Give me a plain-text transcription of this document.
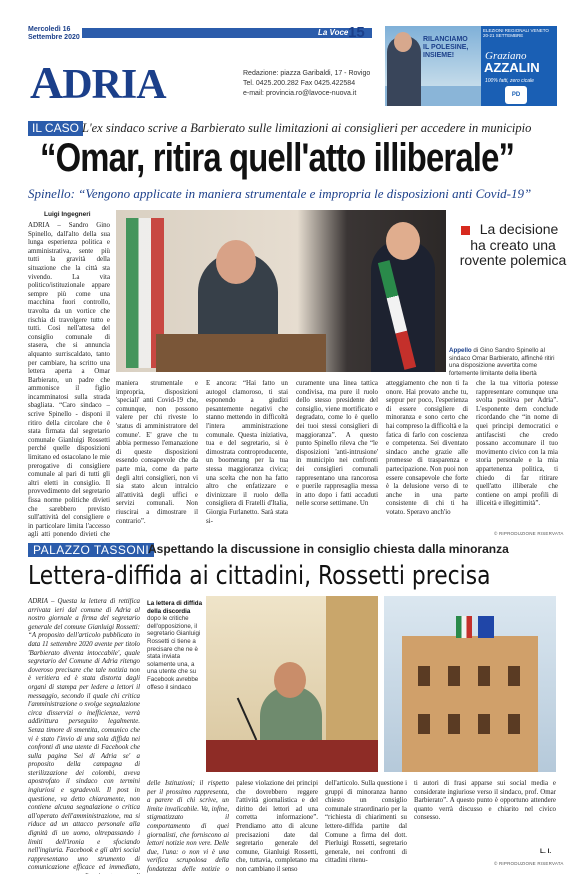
Mercoledì 16
Settembre 2020
La Voce 15
ADRIA	Redazione: piazza Garibaldi, 17 - Rovigo
Tel. 0425.200.282 Fax 0425.422584
e-mail: provincia.ro@lavoce-nuova.it
RILANCIAMO
IL POLESINE,
INSIEME!
ELEZIONI REGIONALI VENETO
20-21 SETTEMBRE
Graziano
AZZALIN
100% fatti, zero cicale
PD
IL CASO L'ex sindaco scrive a Barbierato sulle limitazioni ai consiglieri per accedere in municipio
“Omar, ritira quell'atto illiberale”
Spinello: “Vengono applicate in maniera strumentale e impropria le disposizioni anti Covid-19”
Luigi Ingegneri
ADRIA – Sandro Gino Spinello, dall'alto della sua lunga esperienza politica e amministrativa, sente più tutti la gravità della situazione che la città sta vivendo. La vita politico/istituzionale appare sempre più come una macchina fuori controllo, travolta da un vortice che rischia di travolgere tutto e tutti. Così nell'attesa del consiglio comunale di stasera, che si annuncia alquanto surriscaldato, tanto per cambiare, ha scritto una lettera aperta a Omar Barbierato, un padre che ammonisce il figlio incamminatosi sulla strada sbagliata. “Caro sindaco – scrive Spinello - disponi il ritiro della circolare che è stata firmata dal segretario comunale Gianluigi Rossetti perché quelle disposizioni limitano ed ostacolano le mie prerogative di consigliere comunale al pari di tutti gli altri eletti in consiglio. Il provvedimento del segretario fissa norme politiche divieti che sarebbero previsto sull'attività del consigliere e in particolare limita l'accesso agli atti ponendo divieti che
La decisione ha creato una rovente polemica
Appello di Gino Sandro Spinello al sindaco Omar Barbierato, affinché ritiri una disposizione avvertita come fortemente limitante della libertà
maniera strumentale e impropria, disposizioni 'speciali' anti Covid-19 che, comunque, non possono valere per chi riveste lo 'status di amministratore del comune'. E' grave che tu abbia permesso l'emanazione di queste disposizioni essendo consapevole che da parte mia, come da parte degli altri consiglieri, non vi sia stato alcun intralcio all'attività degli uffici e servizi comunali. Non riuscirai a dimostrare il contrario”.
E ancora: “Hai fatto un autogol clamoroso, ti stai esponendo a giudizi pesantemente negativi che stanno mettendo in difficoltà l'intera amministrazione comunale. Questa iniziativa, tua e del segretario, si è dimostrata controproducente, un boomerang per la tua stessa maggioranza civica; una scelta che non ha fatto altro che enfatizzare e divinizzare il ruolo della consigliera di Fratelli d'Italia, Giorgia Furlanetto. Sarà stata si-
curamente una linea tattica condivisa, ma pure il ruolo dello stesso presidente del consiglio, viene mortificato e degradato, come lo è quello dei tuoi stessi consiglieri di maggioranza”. A questo punto Spinello rileva che “le disposizioni 'anti-intrusione' in municipio nei confronti dei consiglieri comunali rappresentano una rancorosa e puerile rappresaglia messa in atto dopo i fatti accaduti nelle scorse settimane. Un
atteggiamento che non ti fa onore. Hai provato anche tu, seppur per poco, l'esperienza di essere consigliere di minoranza e sono certo che hai compreso la difficoltà e la fatica di farlo con coscienza e competenza. Sei diventato sindaco anche grazie alle promesse di trasparenza e partecipazione. Non puoi non essere consapevole che forte è la delusione verso di te anche in una parte consistente di chi ti ha votato. Speravo anch'io
che la tua vittoria potesse rappresentare comunque una svolta positiva per Adria”. L'esponente dem conclude ricordando che “in nome di quei principi democratici e antifascisti che credo possano accomunare il tuo movimento civico con la mia storia personale e la mia appartenenza politica, ti chiedo di far ritirare quell'atto illiberale che contiene on ampi profili di illiceità e illegittimità”.
© RIPRODUZIONE RISERVATA
PALAZZO TASSONI
Aspettando la discussione in consiglio chiesta dalla minoranza
Lettera-diffida ai cittadini, Rossetti precisa
ADRIA – Questa la lettera di rettifica arrivata ieri dal comune di Adria al nostro giornale a firma del segretario generale del comune Gianluigi Rossetti: “A proposito dell'articolo pubblicato in data 11 settembre 2020 avente per titolo 'Barbierato diventa intoccabile', quale segretario del Comune di Adria ritengo doveroso precisare che tale notizia non è veritiera ed è stata distorta dagli organi di stampa per ledere a lettori il messaggio, secondo il quale chi critica l'amministrazione o svolge segnalazione circa disservizi o inefficienze, verrà addirittura perseguito legalmente. Senza timore di smentita, comunico che vi è stato l'invio di una sola diffida nei confronti di una utente di Facebook che sulla pagina 'Sei di Adria se' a proposito della campagna di sterilizzazione dei colombi, aveva apostrofato il sindaco con termini ingiuriosi e sgradevoli. Il post in questione, va detto chiaramente, non contiene alcuna segnalazione o critica all'operato dell'amministrazione, ma si riduce ad un attacco personale alla dignità di un uomo, oltrepassando i limiti dell'ironia e sfociando nell'ingiuria. Facebook e gli altri social rappresentano uno strumento di comunicazione efficace ed immediato,
La lettera di diffida della discordia dopo le critiche dell'opposizione, il segretario Gianluigi Rossetti ci tiene a precisare che ne è stata inviata solamente una, a una utente che su Facebook avrebbe offeso il sindaco
delle Istituzioni; il rispetto per il prossimo rappresenta, a parere di chi scrive, un limite invalicabile. Va, infine, stigmatizzato il comportamento di quei giornalisti, che forniscono ai lettori notizie non vere. Delle due, l'una: o non vi è una verifica scrupolosa della fondatezza delle notizie o
palese violazione dei principi che dovrebbero reggere l'attività giornalistica e del diritto dei lettori ad una corretta informazione”. Prendiamo atto di alcune precisazioni date dal segretario generale del comune, Gianluigi Rossetti, che, tuttavia, completano ma non cambiano il senso
dell'articolo. Sulla questione i gruppi di minoranza hanno chiesto un consiglio comunale straordinario per la “richiesta di chiarimenti su lettere-diffida partite dal Comune a firma del dott. Pierluigi Rossetti, segretario generale, nei confronti di cittadini ritenu-
ti autori di frasi apparse sui social media e considerate ingiuriose verso il sindaco, prof. Omar Barbierato”. A questo punto è opportuno attendere quanto verrà discusso e chiarito nel civico consesso.
L. I.
© RIPRODUZIONE RISERVATA
